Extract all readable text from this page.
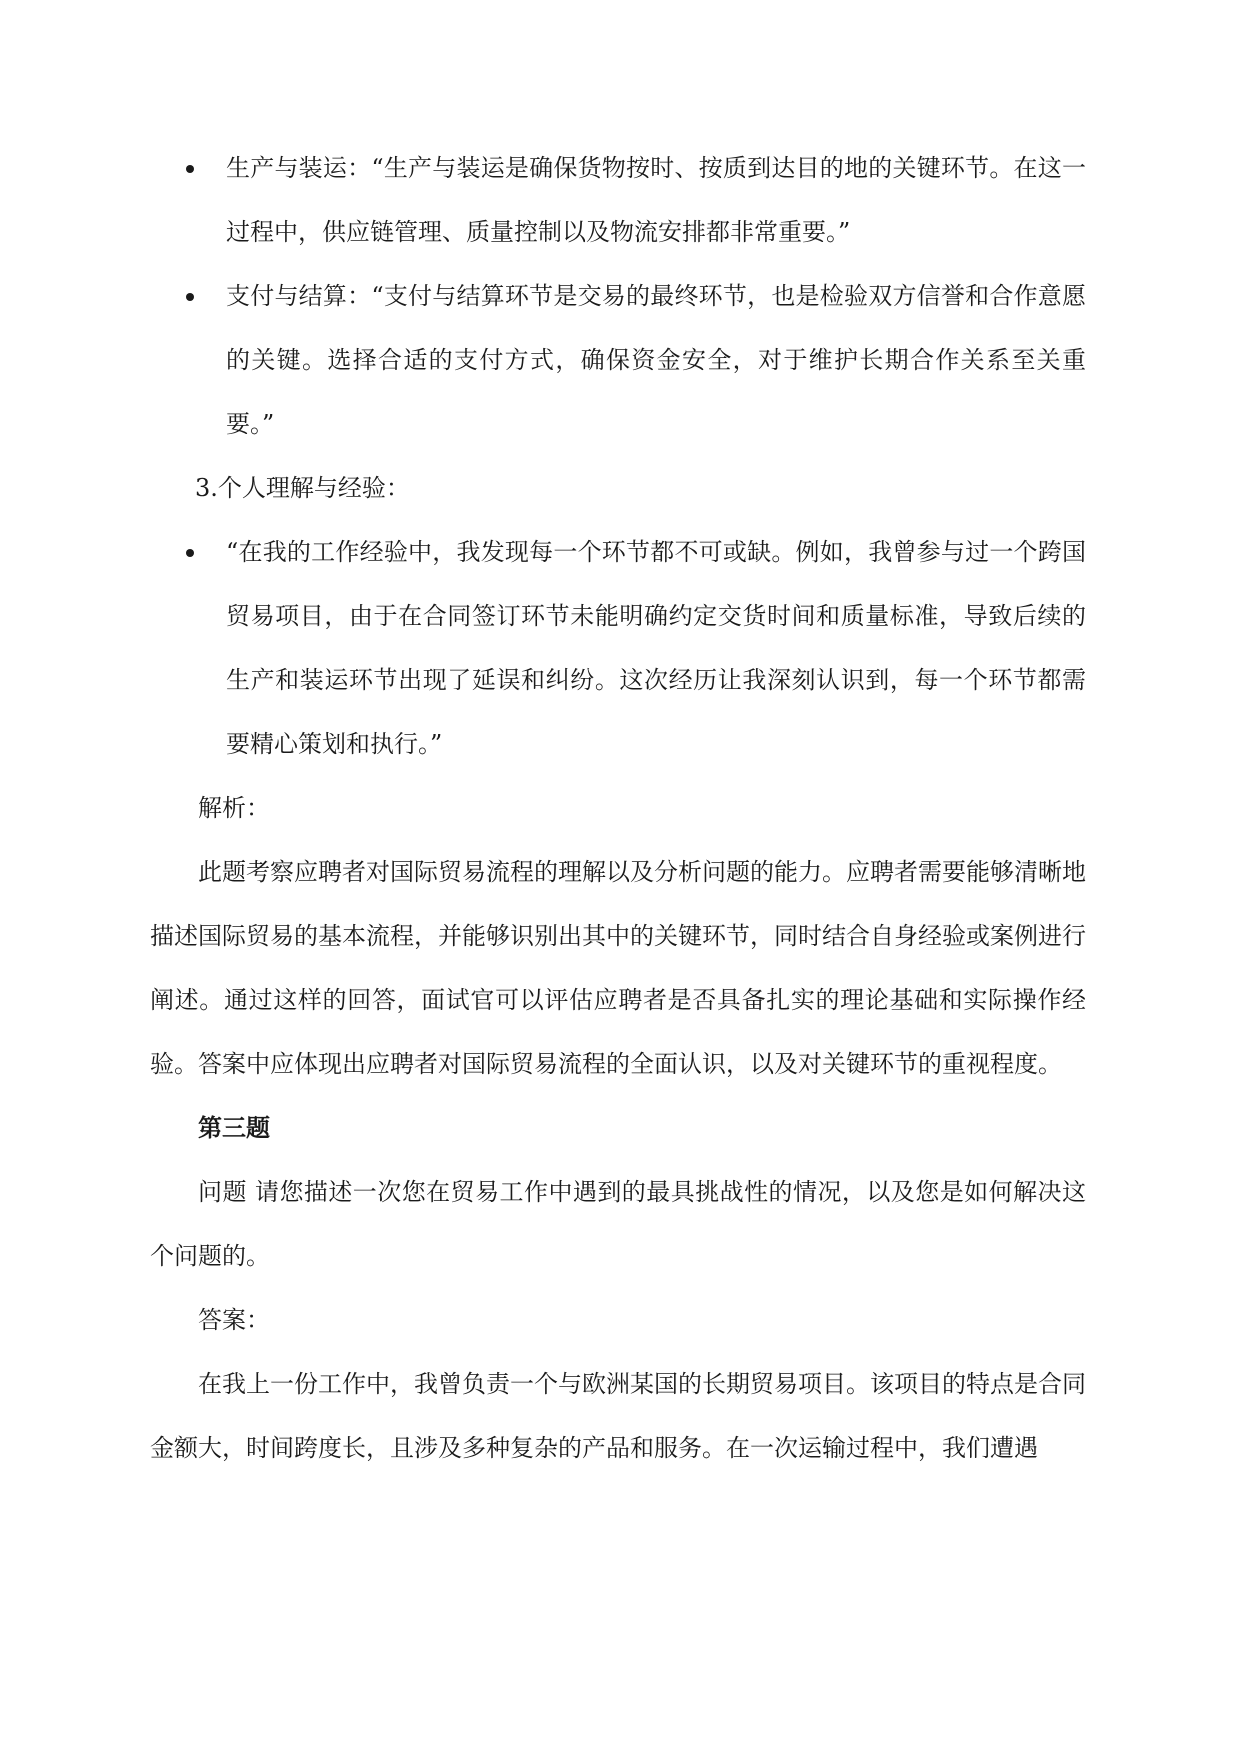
生产与装运：“生产与装运是确保货物按时、按质到达目的地的关键环节。在这一过程中，供应链管理、质量控制以及物流安排都非常重要。”
支付与结算：“支付与结算环节是交易的最终环节，也是检验双方信誉和合作意愿的关键。选择合适的支付方式，确保资金安全，对于维护长期合作关系至关重要。”
3.个人理解与经验：
“在我的工作经验中，我发现每一个环节都不可或缺。例如，我曾参与过一个跨国贸易项目，由于在合同签订环节未能明确约定交货时间和质量标准，导致后续的生产和装运环节出现了延误和纠纷。这次经历让我深刻认识到，每一个环节都需要精心策划和执行。”
解析：
此题考察应聘者对国际贸易流程的理解以及分析问题的能力。应聘者需要能够清晰地描述国际贸易的基本流程，并能够识别出其中的关键环节，同时结合自身经验或案例进行阐述。通过这样的回答，面试官可以评估应聘者是否具备扎实的理论基础和实际操作经验。答案中应体现出应聘者对国际贸易流程的全面认识，以及对关键环节的重视程度。
第三题
问题 请您描述一次您在贸易工作中遇到的最具挑战性的情况，以及您是如何解决这个问题的。
答案：
在我上一份工作中，我曾负责一个与欧洲某国的长期贸易项目。该项目的特点是合同金额大，时间跨度长，且涉及多种复杂的产品和服务。在一次运输过程中，我们遭遇
